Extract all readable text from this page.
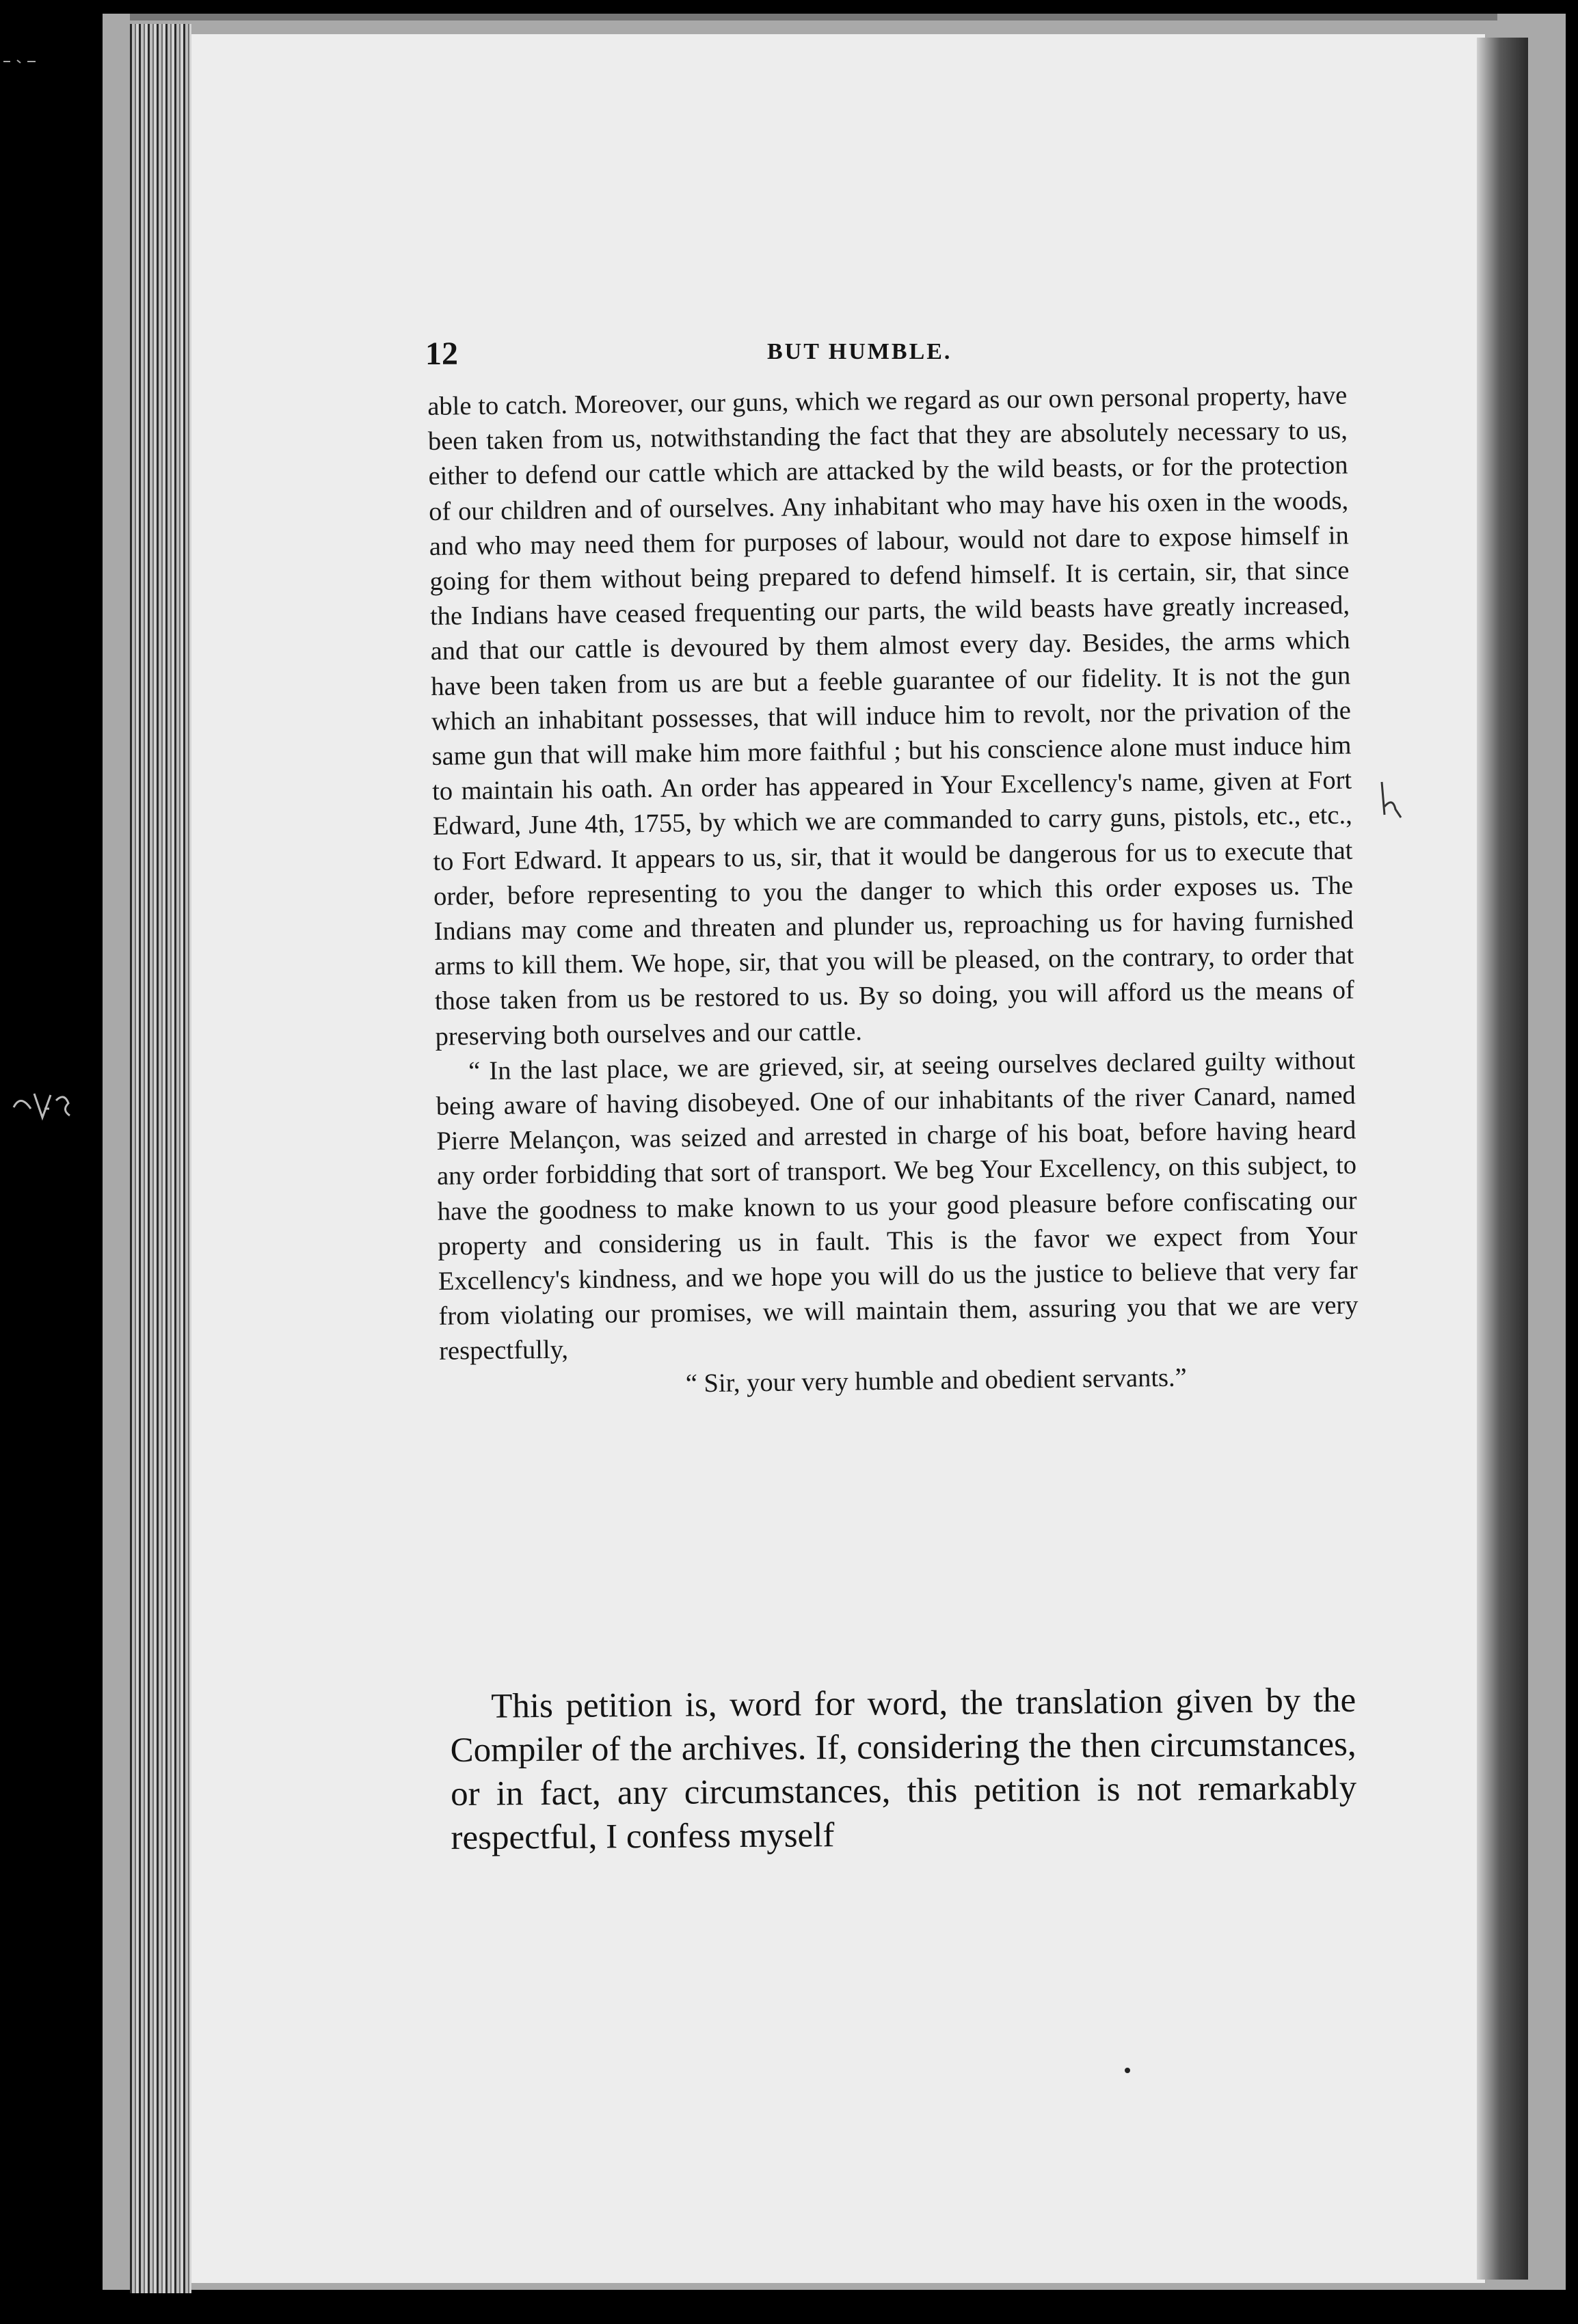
12	BUT HUMBLE.

able to catch. Moreover, our guns, which we regard as our own personal property, have been taken from us, notwithstanding the fact that they are absolutely necessary to us, either to defend our cattle which are attacked by the wild beasts, or for the protection of our children and of ourselves. Any inhabitant who may have his oxen in the woods, and who may need them for purposes of labour, would not dare to expose himself in going for them without being prepared to defend himself. It is certain, sir, that since the Indians have ceased frequenting our parts, the wild beasts have greatly increased, and that our cattle is devoured by them almost every day. Besides, the arms which have been taken from us are but a feeble guarantee of our fidelity. It is not the gun which an inhabitant possesses, that will induce him to revolt, nor the privation of the same gun that will make him more faithful ; but his conscience alone must induce him to maintain his oath. An order has appeared in Your Excellency's name, given at Fort Edward, June 4th, 1755, by which we are commanded to carry guns, pistols, etc., etc., to Fort Edward. It appears to us, sir, that it would be dangerous for us to execute that order, before representing to you the danger to which this order exposes us. The Indians may come and threaten and plunder us, reproaching us for having furnished arms to kill them. We hope, sir, that you will be pleased, on the contrary, to order that those taken from us be restored to us. By so doing, you will afford us the means of preserving both ourselves and our cattle.

“ In the last place, we are grieved, sir, at seeing ourselves declared guilty without being aware of having disobeyed. One of our inhabitants of the river Canard, named Pierre Melançon, was seized and arrested in charge of his boat, before having heard any order forbidding that sort of transport. We beg Your Excellency, on this subject, to have the goodness to make known to us your good pleasure before confiscating our property and considering us in fault. This is the favor we expect from Your Excellency's kindness, and we hope you will do us the justice to believe that very far from violating our promises, we will maintain them, assuring you that we are very respectfully,

“ Sir, your very humble and obedient servants.”

This petition is, word for word, the translation given by the Compiler of the archives. If, considering the then circumstances, or in fact, any circumstances, this petition is not remarkably respectful, I confess myself
